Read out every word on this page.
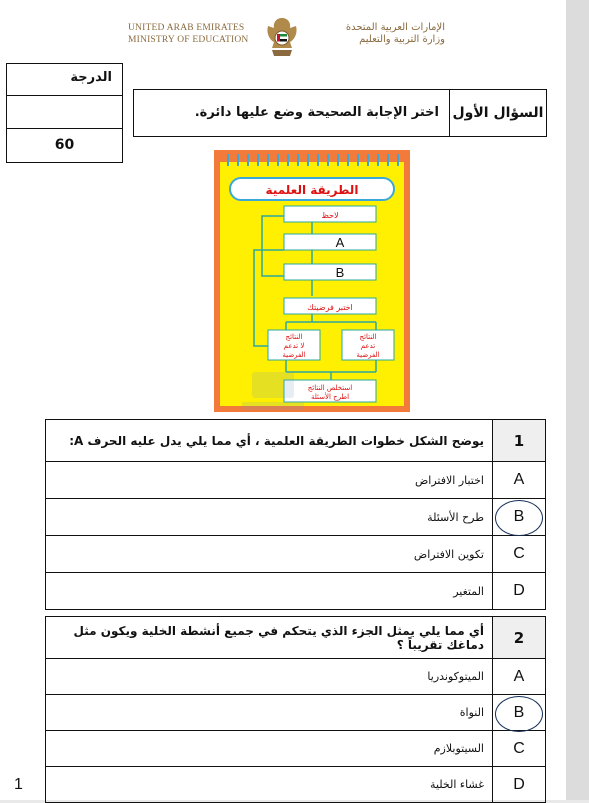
UNITED ARAB EMIRATES
MINISTRY OF EDUCATION
الإمارات العربية المتحدة
وزارة التربية والتعليم
الدرجة
60
السؤال الأول
اختر الإجابة الصحيحة وضع عليها دائرة.
الطريقة العلمية
لاحظ
A
B
اختبر فرضيتك
النتائج
لا تدعم
الفرضية
النتائج
تدعم
الفرضية
استخلص النتائج
اطرح الأسئلة
يوضح الشكل خطوات الطريقة العلمية ، أي مما يلي يدل عليه الحرف A:	1
اختبار الافتراض	A
طرح الأسئلة	B
تكوين الافتراض	C
المتغير	D
أي مما يلي يمثل الجزء الذي يتحكم في جميع أنشطة الخلية ويكون مثل دماغك تقريباً ؟	2
الميتوكوندريا	A
النواة	B
السيتوبلازم	C
غشاء الخلية	D
1
